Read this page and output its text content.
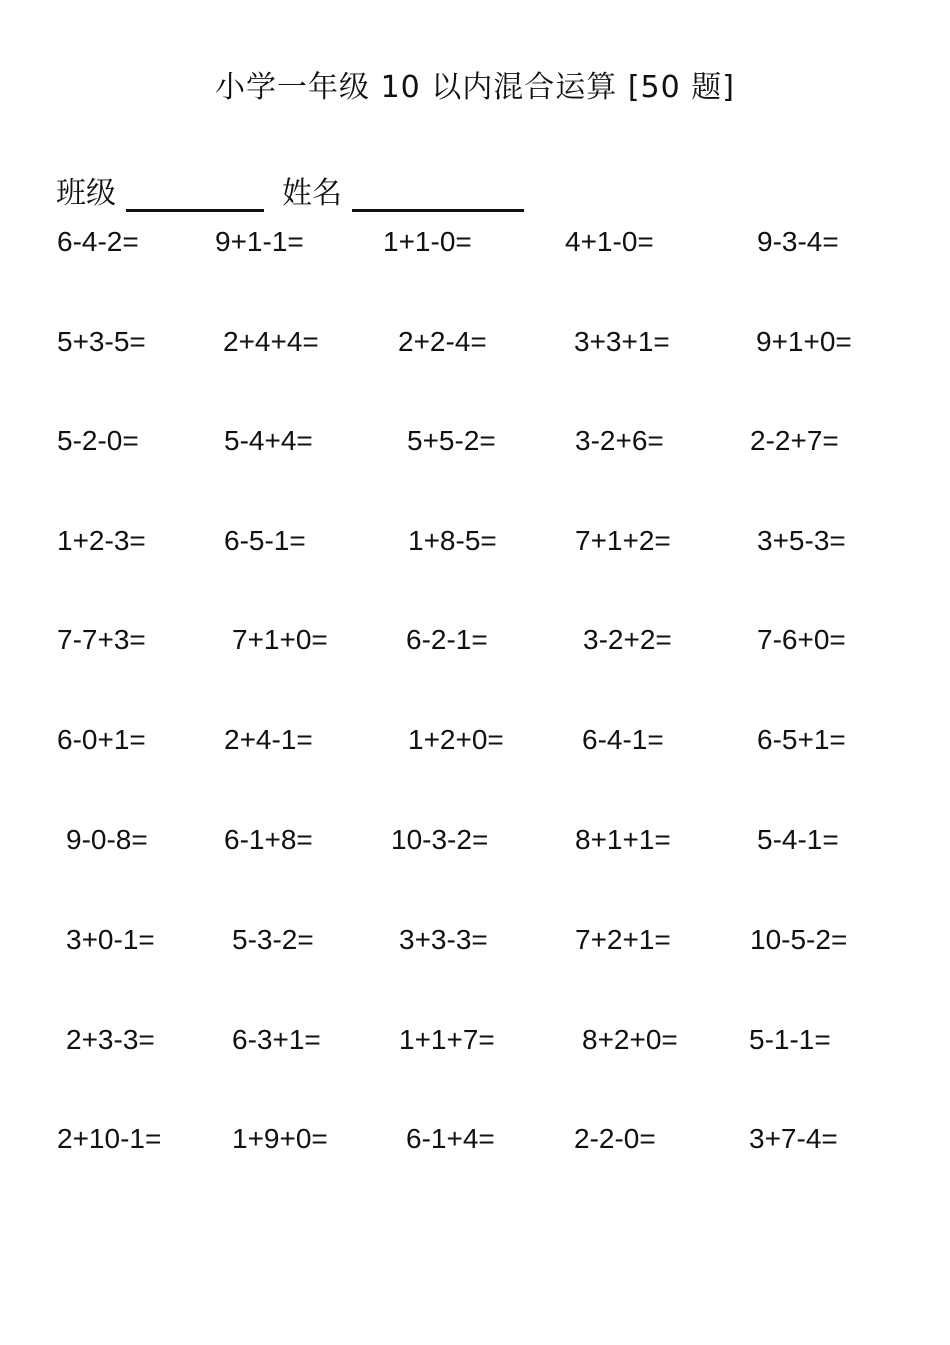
小学一年级 10 以内混合运算 [50 题]
班级	姓名
6-4-2=	9+1-1=	1+1-0=	4+1-0=	9-3-4=
5+3-5=	2+4+4=	2+2-4=	3+3+1=	9+1+0=
5-2-0=	5-4+4=	5+5-2=	3-2+6=	2-2+7=
1+2-3=	6-5-1=	1+8-5=	7+1+2=	3+5-3=
7-7+3=	7+1+0=	6-2-1=	3-2+2=	7-6+0=
6-0+1=	2+4-1=	1+2+0=	6-4-1=	6-5+1=
9-0-8=	6-1+8=	10-3-2=	8+1+1=	5-4-1=
3+0-1=	5-3-2=	3+3-3=	7+2+1=	10-5-2=
2+3-3=	6-3+1=	1+1+7=	8+2+0=	5-1-1=
2+10-1=	1+9+0=	6-1+4=	2-2-0=	3+7-4=
